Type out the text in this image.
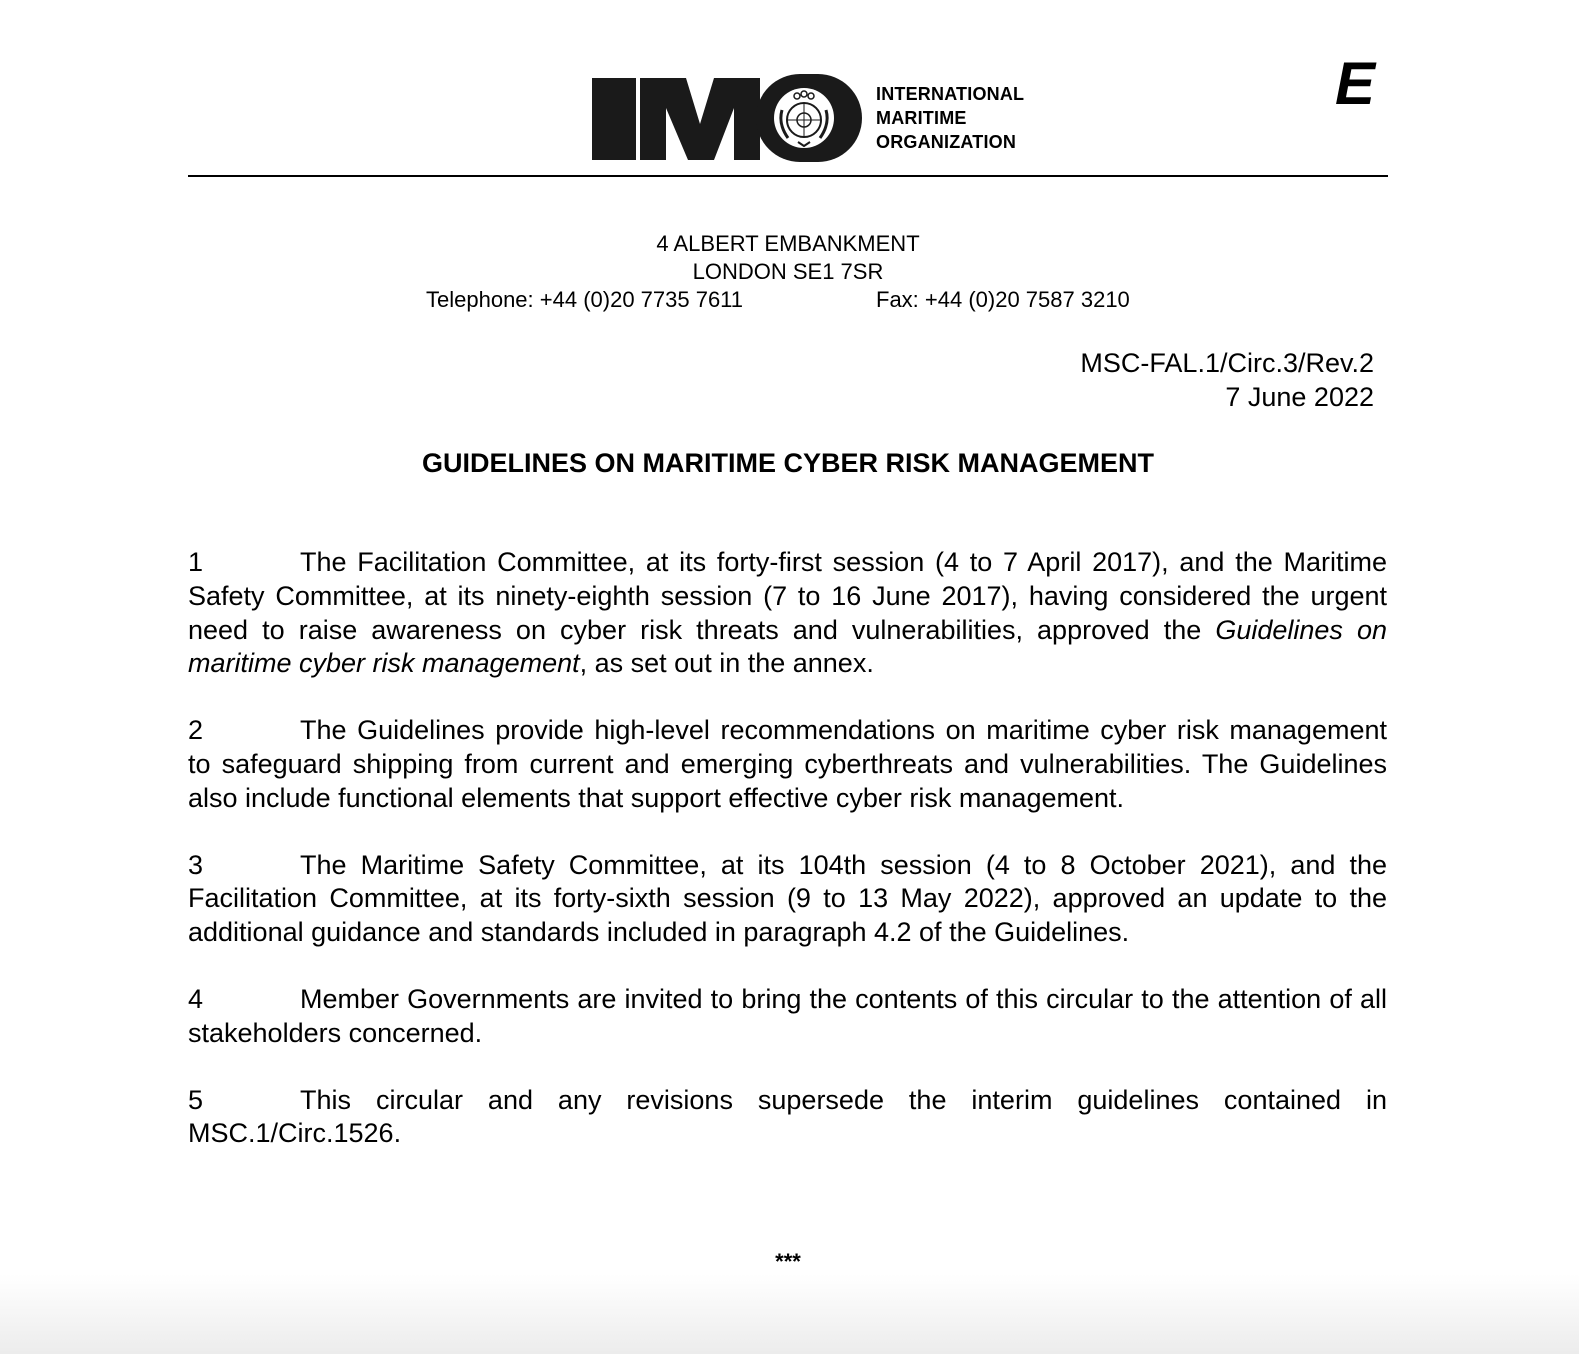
INTERNATIONAL
MARITIME
ORGANIZATION
E
4 ALBERT EMBANKMENT
LONDON SE1 7SR
Telephone: +44 (0)20 7735 7611	Fax: +44 (0)20 7587 3210
MSC-FAL.1/Circ.3/Rev.2
7 June 2022
GUIDELINES ON MARITIME CYBER RISK MANAGEMENT

1	The Facilitation Committee, at its forty-first session (4 to 7 April 2017), and the Maritime Safety Committee, at its ninety-eighth session (7 to 16 June 2017), having considered the urgent need to raise awareness on cyber risk threats and vulnerabilities, approved the Guidelines on maritime cyber risk management, as set out in the annex.

2	The Guidelines provide high-level recommendations on maritime cyber risk management to safeguard shipping from current and emerging cyberthreats and vulnerabilities. The Guidelines also include functional elements that support effective cyber risk management.

3	The Maritime Safety Committee, at its 104th session (4 to 8 October 2021), and the Facilitation Committee, at its forty-sixth session (9 to 13 May 2022), approved an update to the additional guidance and standards included in paragraph 4.2 of the Guidelines.

4	Member Governments are invited to bring the contents of this circular to the attention of all stakeholders concerned.

5	This circular and any revisions supersede the interim guidelines contained in MSC.1/Circ.1526.

***
